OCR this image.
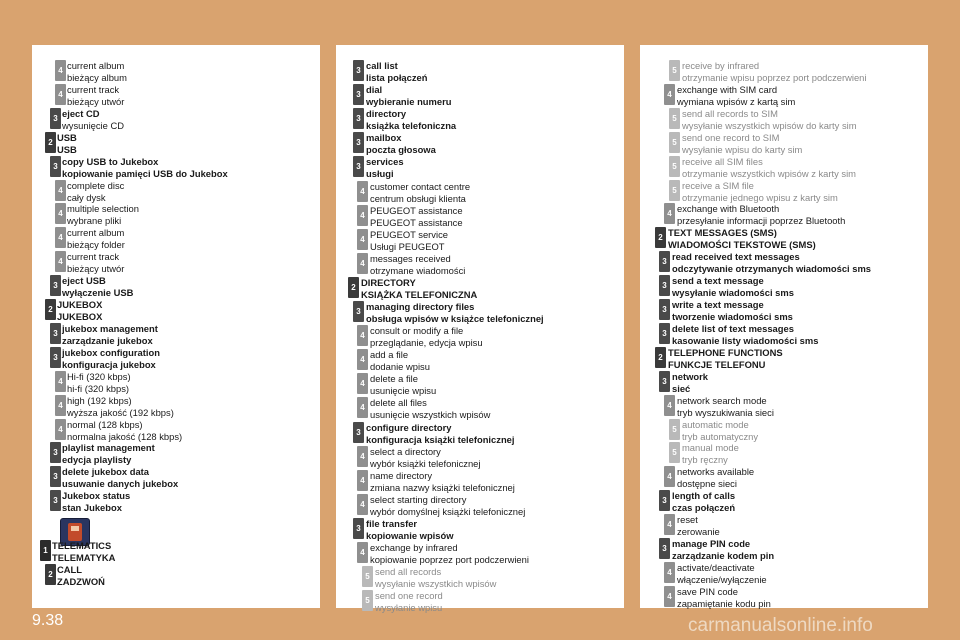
4 current album
bieżący album
4 current track
bieżący utwór
3 eject CD
wysunięcie CD
2 USB
USB
3 copy USB to Jukebox
kopiowanie pamięci USB do Jukebox
4 complete disc
cały dysk
4 multiple selection
wybrane pliki
4 current album
bieżący folder
4 current track
bieżący utwór
3 eject USB
wyłączenie USB
2 JUKEBOX
JUKEBOX
3 jukebox management
zarządzanie jukebox
3 jukebox configuration
konfiguracja jukebox
4 Hi-fi (320 kbps)
hi-fi (320 kbps)
4 high (192 kbps)
wyższa jakość (192 kbps)
4 normal (128 kbps)
normalna jakość (128 kbps)
3 playlist management
edycja playlisty
3 delete jukebox data
usuwanie danych jukebox
3 Jukebox status
stan Jukebox
1 TELEMATICS
TELEMATYKA
2 CALL
ZADZWOŃ
3 call list
lista połączeń
3 dial
wybieranie numeru
3 directory
książka telefoniczna
3 mailbox
poczta głosowa
3 services
usługi
4 customer contact centre
centrum obsługi klienta
4 PEUGEOT assistance
PEUGEOT assistance
4 PEUGEOT service
Usługi PEUGEOT
4 messages received
otrzymane wiadomości
2 DIRECTORY
KSIĄŻKA TELEFONICZNA
3 managing directory files
obsługa wpisów w książce telefonicznej
4 consult or modify a file
przeglądanie, edycja wpisu
4 add a file
dodanie wpisu
4 delete a file
usunięcie wpisu
4 delete all files
usunięcie wszystkich wpisów
3 configure directory
konfiguracja książki telefonicznej
4 select a directory
wybór książki telefonicznej
4 name directory
zmiana nazwy książki telefonicznej
4 select starting directory
wybór domyślnej książki telefonicznej
3 file transfer
kopiowanie wpisów
4 exchange by infrared
kopiowanie poprzez port podczerwieni
5 send all records
wysyłanie wszystkich wpisów
5 send one record
wysyłanie wpisu
5 receive by infrared
otrzymanie wpisu poprzez port podczerwieni
4 exchange with SIM card
wymiana wpisów z kartą sim
5 send all records to SIM
wysyłanie wszystkich wpisów do karty sim
5 send one record to SIM
wysyłanie wpisu do karty sim
5 receive all SIM files
otrzymanie wszystkich wpisów z karty sim
5 receive a SIM file
otrzymanie jednego wpisu z karty sim
4 exchange with Bluetooth
przesyłanie informacji poprzez Bluetooth
2 TEXT MESSAGES (SMS)
WIADOMOŚCI TEKSTOWE (SMS)
3 read received text messages
odczytywanie otrzymanych wiadomości sms
3 send a text message
wysyłanie wiadomości sms
3 write a text message
tworzenie wiadomości sms
3 delete list of text messages
kasowanie listy wiadomości sms
2 TELEPHONE FUNCTIONS
FUNKCJE TELEFONU
3 network
sieć
4 network search mode
tryb wyszukiwania sieci
5 automatic mode
tryb automatyczny
5 manual mode
tryb ręczny
4 networks available
dostępne sieci
3 length of calls
czas połączeń
4 reset
zerowanie
3 manage PIN code
zarządzanie kodem pin
4 activate/deactivate
włączenie/wyłączenie
4 save PIN code
zapamiętanie kodu pin
9.38	carmanualsonline.info
